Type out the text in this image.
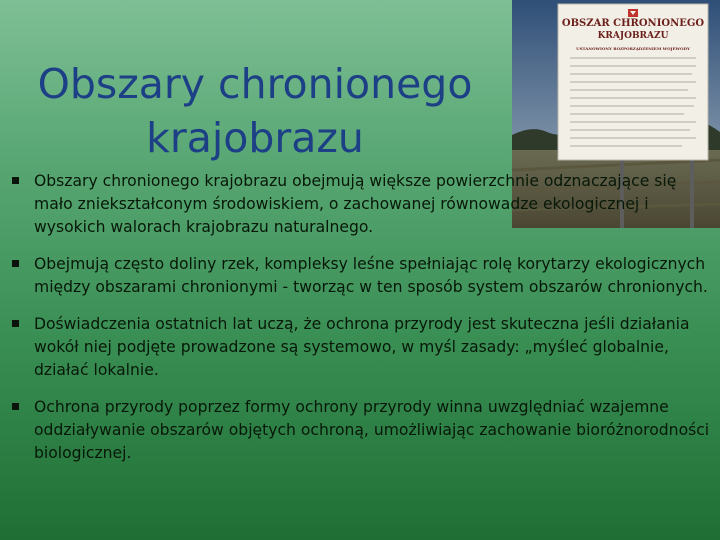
Obszary chronionego
krajobrazu
OBSZAR CHRONIONEGO
KRAJOBRAZU
USTANOWIONY ROZPORZĄDZENIEM WOJEWODY
Obszary chronionego krajobrazu obejmują większe powierzchnie odznaczające się mało zniekształconym środowiskiem, o zachowanej równowadze ekologicznej i wysokich walorach krajobrazu naturalnego.
Obejmują często doliny rzek, kompleksy leśne spełniając rolę korytarzy ekologicznych między obszarami chronionymi - tworząc w ten sposób system obszarów chronionych.
Doświadczenia ostatnich lat uczą, że ochrona przyrody jest skuteczna jeśli działania wokół niej podjęte prowadzone są systemowo, w myśl zasady: „myśleć globalnie, działać lokalnie.
Ochrona przyrody poprzez formy ochrony przyrody winna uwzględniać wzajemne oddziaływanie obszarów objętych ochroną, umożliwiając zachowanie bioróżnorodności biologicznej.
